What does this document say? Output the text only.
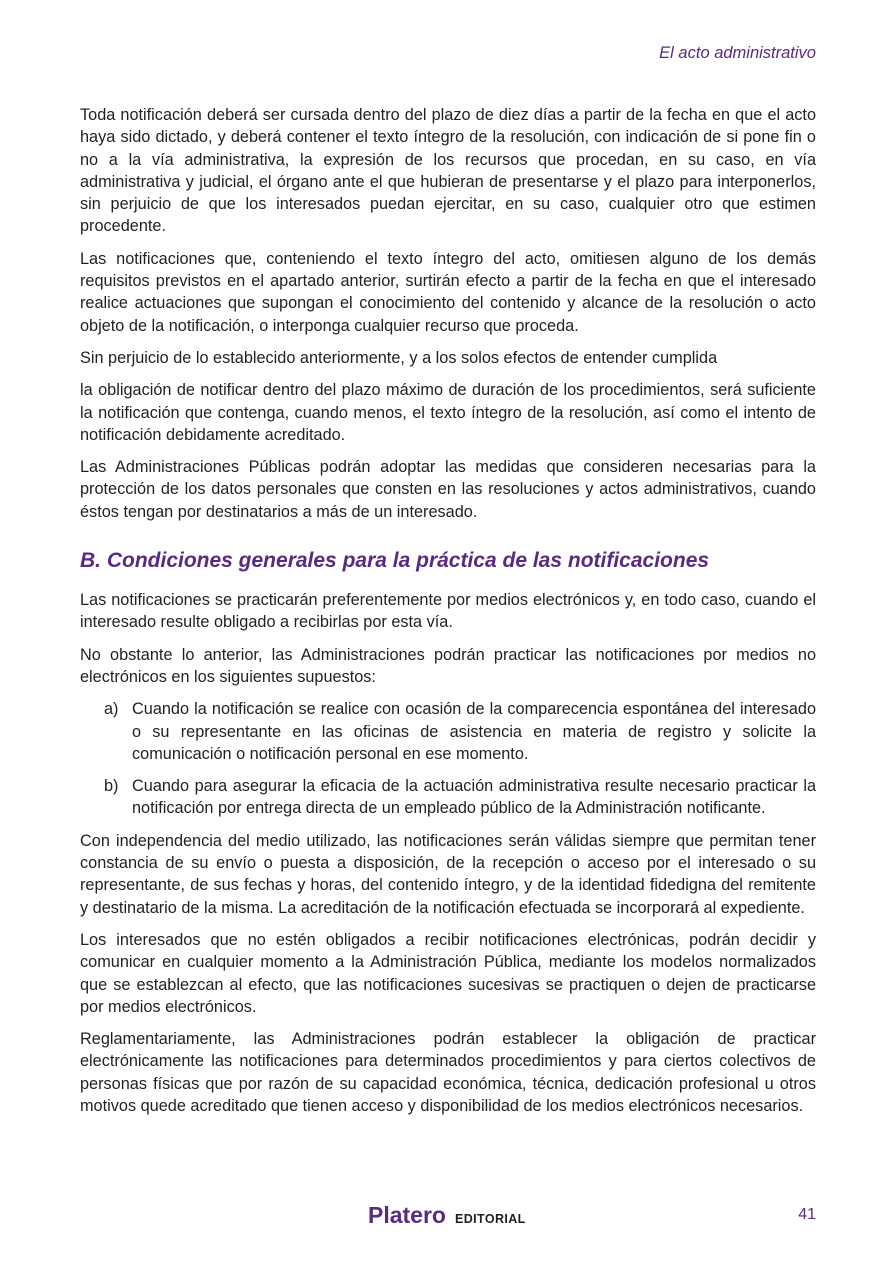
El acto administrativo

Toda notificación deberá ser cursada dentro del plazo de diez días a partir de la fecha en que el acto haya sido dictado, y deberá contener el texto íntegro de la resolución, con indicación de si pone fin o no a la vía administrativa, la expresión de los recursos que procedan, en su caso, en vía administrativa y judicial, el órgano ante el que hubieran de presentarse y el plazo para interponerlos, sin perjuicio de que los interesados puedan ejercitar, en su caso, cualquier otro que estimen procedente.

Las notificaciones que, conteniendo el texto íntegro del acto, omitiesen alguno de los demás requisitos previstos en el apartado anterior, surtirán efecto a partir de la fecha en que el interesado realice actuaciones que supongan el conocimiento del contenido y alcance de la resolución o acto objeto de la notificación, o interponga cualquier recurso que proceda.

Sin perjuicio de lo establecido anteriormente, y a los solos efectos de entender cumplida

la obligación de notificar dentro del plazo máximo de duración de los procedimientos, será suficiente la notificación que contenga, cuando menos, el texto íntegro de la resolución, así como el intento de notificación debidamente acreditado.

Las Administraciones Públicas podrán adoptar las medidas que consideren necesarias para la protección de los datos personales que consten en las resoluciones y actos administrativos, cuando éstos tengan por destinatarios a más de un interesado.

B. Condiciones generales para la práctica de las notificaciones

Las notificaciones se practicarán preferentemente por medios electrónicos y, en todo caso, cuando el interesado resulte obligado a recibirlas por esta vía.

No obstante lo anterior, las Administraciones podrán practicar las notificaciones por medios no electrónicos en los siguientes supuestos:

a) Cuando la notificación se realice con ocasión de la comparecencia espontánea del interesado o su representante en las oficinas de asistencia en materia de registro y solicite la comunicación o notificación personal en ese momento.
b) Cuando para asegurar la eficacia de la actuación administrativa resulte necesario practicar la notificación por entrega directa de un empleado público de la Administración notificante.

Con independencia del medio utilizado, las notificaciones serán válidas siempre que permitan tener constancia de su envío o puesta a disposición, de la recepción o acceso por el interesado o su representante, de sus fechas y horas, del contenido íntegro, y de la identidad fidedigna del remitente y destinatario de la misma. La acreditación de la notificación efectuada se incorporará al expediente.

Los interesados que no estén obligados a recibir notificaciones electrónicas, podrán decidir y comunicar en cualquier momento a la Administración Pública, mediante los modelos normalizados que se establezcan al efecto, que las notificaciones sucesivas se practiquen o dejen de practicarse por medios electrónicos.

Reglamentariamente, las Administraciones podrán establecer la obligación de practicar electrónicamente las notificaciones para determinados procedimientos y para ciertos colectivos de personas físicas que por razón de su capacidad económica, técnica, dedicación profesional u otros motivos quede acreditado que tienen acceso y disponibilidad de los medios electrónicos necesarios.

Platero EDITORIAL	41
